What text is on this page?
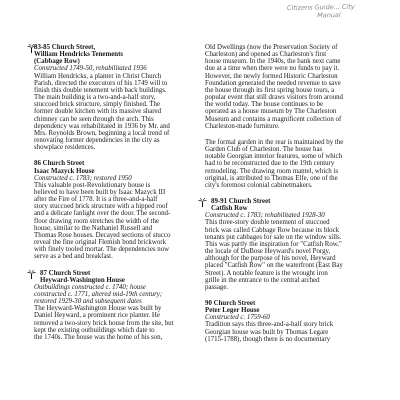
Citizens Guide... City
Manual
83-85 Church Street,
William Hendricks Tenements
(Cabbage Row)
Constructed 1749-50, rehabilitated 1936
William Hendricks, a planter in Christ Church
Parish, directed the executors of his 1749 will to
finish this double tenement with back buildings.
The main building is a two-and-a-half story,
stuccoed brick structure, simply finished. The
former double kitchen with its massive shared
chimney can be seen through the arch. This
dependency was rehabilitated in 1936 by Mr. and
Mrs. Reynolds Brown, beginning a local trend of
renovating former dependencies in the city as
showplace residences.
86 Church Street
Isaac Mazyck House
Constructed c. 1783; restored 1950
This valuable post-Revolutionary house is
believed to have been built by Isaac Mazyck III
after the Fire of 1778. It is a three-and-a-half
story stuccoed brick structure with a hipped roof
and a delicate fanlight over the door. The second-
floor drawing room stretches the width of the
house, similar to the Nathaniel Russell and
Thomas Rose houses. Decayed sections of stucco
reveal the fine original Flemish bond brickwork
with finely tooled mortar. The dependencies now
serve as a bed and breakfast.
87 Church Street
Heyward-Washington House
Outbuildings constructed c. 1740; house
constructed c. 1771, altered mid-19th century;
restored 1929-30 and subsequent dates
The Heyward-Washington House was built by
Daniel Heyward, a prominent rice planter. He
removed a two-story brick house from the site, but
kept the existing outbuildings which date to
the 1740s. The house was the home of his son,
Old Dwellings (now the Preservation Society of
Charleston) and opened as Charleston's first
house museum. In the 1940s, the bank next came
due at a time when there were no funds to pay it.
However, the newly formed Historic Charleston
Foundation generated the needed revenue to save
the house through its first spring house tours, a
popular event that still draws visitors from around
the world today. The house continues to be
operated as a house museum by The Charleston
Museum and contains a magnificent collection of
Charleston-made furniture.
The formal garden in the rear is maintained by the
Garden Club of Charleston. The house has
notable Georgian interior features, some of which
had to be reconstructed due to the 19th century
remodeling. The drawing room mantel, which is
original, is attributed to Thomas Elfe, one of the
city's foremost colonial cabinetmakers.
89-91 Church Street
Catfish Row
Constructed c. 1783; rehabilitated 1928-30
This three-story double tenement of stuccoed
brick was called Cabbage Row because its block
tenants put cabbages for sale on the window sills.
This was partly the inspiration for "Catfish Row,"
the locale of DuBose Heyward's novel Porgy,
although for the purpose of his novel, Heyward
placed "Catfish Row" on the waterfront (East Bay
Street). A notable feature is the wrought iron
grille in the entrance to the central arched
passage.
90 Church Street
Peter Leger House
Constructed c. 1759-60
Tradition says this three-and-a-half story brick
Georgian house was built by Thomas Legare
(1715-1788), though there is no documentary
